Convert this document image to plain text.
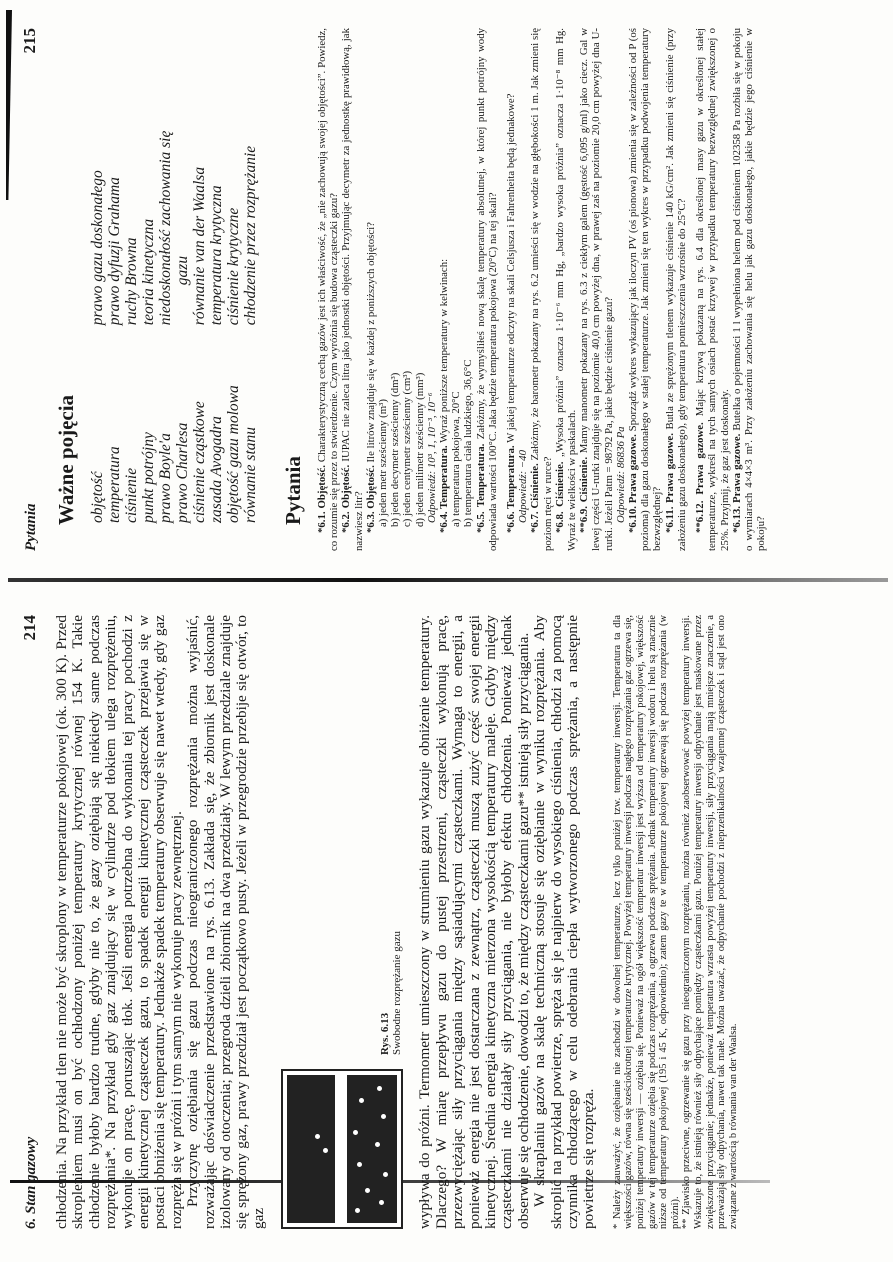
Pytania
215
Ważne pojęcia objętość temperatura ciśnienie punkt potrójny prawo Boyle'a prawo Charlesa ciśnienie cząstkowe zasada Avogadra objętość gazu molowa równanie stanu
prawo gazu doskonałego prawo dyfuzji Grahama ruchy Browna teoria kinetyczna niedoskonałość zachowania się gazu równanie van der Waalsa temperatura krytyczna ciśnienie krytyczne chłodzenie przez rozprężanie
Pytania *6.1. Objętość. Charakterystyczną cechą gazów jest ich właściwość, że „nie zachowują swojej objętości”. Powiedz, co rozumie się przez to stwierdzenie. Czym wyróżnia się budowa cząsteczki gazu? *6.2. Objętość. IUPAC nie zaleca litra jako jednostki objętości. Przyjmując decymetr za jednostkę prawidłową, jak nazwiesz litr? *6.3. Objętość. Ile litrów znajduje się w każdej z poniższych objętości?

a) jeden metr sześcienny (m³) b) jeden decymetr sześcienny (dm³) c) jeden centymetr sześcienny (cm³) d) jeden milimetr sześcienny (mm³) Odpowiedź: 10³, 1, 10⁻³, 10⁻⁶ *6.4. Temperatura. Wyraź poniższe temperatury w kelwinach:

a) temperatura pokojowa, 20°C b) temperatura ciała ludzkiego, 36,6°C *6.5. Temperatura. Załóżmy, że wymyśliłeś nową skalę temperatury absolutnej, w której punkt potrójny wody odpowiada wartości 100°C. Jaka będzie temperatura pokojowa (20°C) na tej skali? *6.6. Temperatura. W jakiej temperaturze odczyty na skali Celsjusza i Fahrenheita będą jednakowe?

Odpowiedź: −40 *6.7. Ciśnienie. Załóżmy, że barometr pokazany na rys. 6.2 umieści się w wodzie na głębokości 1 m. Jak zmieni się poziom rtęci w rurce? *6.8. Ciśnienie. „Wysoka próżnia” oznacza 1·10⁻⁶ mm Hg, „bardzo wysoka próżnia” oznacza 1·10⁻⁸ mm Hg. Wyraź te wielkości w paskalach. **6.9. Ciśnienie. Mamy manometr pokazany na rys. 6.3 z ciekłym galem (gęstość 6,095 g/ml) jako ciecz. Gal w lewej części U-rurki znajduje się na poziomie 40,0 cm powyżej dna, w prawej zaś na poziomie 20,0 cm powyżej dna U-rurki. Jeżeli Patm = 98792 Pa, jakie będzie ciśnienie gazu? Odpowiedź: 86836 Pa *6.10. Prawa gazowe. Sporządź wykres wykazujący jak iloczyn PV (oś pionowa) zmienia się w zależności od P (oś pozioma) dla gazu doskonałego w stałej temperaturze. Jak zmieni się ten wykres w przypadku podwojenia temperatury bezwzględnej? *6.11. Prawa gazowe. Butla ze sprężonym tlenem wykazuje ciśnienie 140 kG/cm². Jak zmieni się ciśnienie (przy założeniu gazu doskonałego), gdy temperatura pomieszczenia wzrośnie do 25°C? **6.12. Prawa gazowe. Mając krzywą pokazaną na rys. 6.4 dla określonej masy gazu w określonej stałej temperaturze, wykreśl na tych samych osiach postać krzywej w przypadku temperatury bezwzględnej zwiększonej o 25%. Przyjmij, że gaz jest doskonały. *6.13. Prawa gazowe. Butelka o pojemności 1 l wypełniona helem pod ciśnieniem 102358 Pa rozbiła się w pokoju o wymiarach 4×4×3 m³. Przy założeniu zachowania się helu jak gazu doskonałego, jakie będzie jego ciśnienie w pokoju?

6. Stan gazowy
214 chłodzenia. Na przykład tlen nie może być skroplony w temperaturze pokojowej (ok. 300 K). Przed skropleniem musi on być ochłodzony poniżej temperatury krytycznej równej 154 K. Takie chłodzenie byłoby bardzo trudne, gdyby nie to, że gazy oziębiają się niekiedy same podczas rozprężania*. Na przykład gdy gaz znajdujący się w cylindrze pod tłokiem ulega rozprężeniu, wykonuje on pracę, poruszając tłok. Jeśli energia potrzebna do wykonania tej pracy pochodzi z energii kinetycznej cząsteczek gazu, to spadek energii kinetycznej cząsteczek przejawia się w postaci obniżenia się temperatury. Jednakże spadek temperatury obserwuje się nawet wtedy, gdy gaz rozpręża się w próżni i tym samym nie wykonuje pracy zewnętrznej. Przyczynę oziębiania się gazu podczas nieograniczonego rozprężania można wyjaśnić, rozważając doświadczenie przedstawione na rys. 6.13. Zakłada się, że zbiornik jest doskonale izolowany od otoczenia; przegroda dzieli zbiornik na dwa przedziały. W lewym przedziale znajduje się sprężony gaz, prawy przedział jest początkowo pusty. Jeżeli w przegrodzie przebije się otwór, to gaz

Rys. 6.13 Swobodne rozprężanie gazu wypływa do próżni. Termometr umieszczony w strumieniu gazu wykazuje obniżenie temperatury. Dlaczego? W miarę przepływu gazu do pustej przestrzeni, cząsteczki wykonują pracę, przezwyciężając siły przyciągania między sąsiadującymi cząsteczkami. Wymaga to energii, a ponieważ energia nie jest dostarczana z zewnątrz, cząsteczki muszą zużyć część swojej energii kinetycznej. Średnia energia kinetyczna mierzona wysokością temperatury maleje. Gdyby między cząsteczkami nie działały siły przyciągania, nie byłoby efektu chłodzenia. Ponieważ jednak obserwuje się ochłodzenie, dowodzi to, że między cząsteczkami gazu** istnieją siły przyciągania. W skraplaniu gazów na skalę techniczną stosuje się oziębianie w wyniku rozprężania. Aby skroplić na przykład powietrze, spręża się je najpierw do wysokiego ciśnienia, chłodzi za pomocą czynnika chłodzącego w celu odebrania ciepła wytworzonego podczas sprężania, a następnie powietrze się rozpręża. * Należy zauważyć, że oziębianie nie zachodzi w dowolnej temperaturze, lecz tylko poniżej tzw. temperatury inwersji. Temperatura ta dla większości gazów, równa się sześciokrotnej temperaturze krytycznej. Powyżej temperatury inwersji podczas nagłego rozprężania gaz ogrzewa się, poniżej temperatury inwersji — oziębia się. Ponieważ na ogół większość temperatur inwersji jest wyższa od temperatury pokojowej, większość gazów w tej temperaturze oziębia się podczas rozprężania, a ogrzewa podczas sprężania. Jednak temperatury inwersji wodoru i helu są znacznie niższe od temperatury pokojowej (195 i 45 K, odpowiednio); zatem gazy te w temperaturze pokojowej ogrzewają się podczas rozprężania (w próżni). ** Zjawisko przeciwne, ogrzewanie się gazu przy nieograniczonym rozprężaniu, można również zaobserwować powyżej temperatury inwersji. Wskazuje to, że istnieją również siły odpychające pomiędzy cząsteczkami gazu. Poniżej temperatury inwersji odpychanie jest maskowane przez zwiększone przyciąganie; jednakże, ponieważ temperatura wzrasta powyżej temperatury inwersji, siły przyciągania mają mniejsze znaczenie, a przeważają siły odpychania, nawet tak małe. Można uważać, że odpychanie pochodzi z nieprzenikalności wzajemnej cząsteczek i stąd jest ono związane z wartością b równania van der Waalsa.
